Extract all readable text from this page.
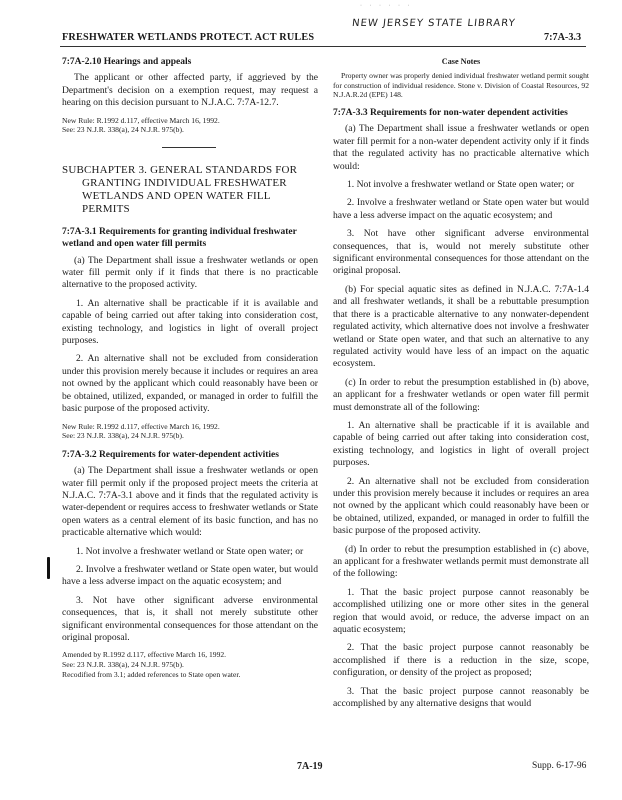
· · · · · ·
NEW JERSEY STATE LIBRARY
FRESHWATER WETLANDS PROTECT. ACT RULES	7:7A-3.3

7:7A-2.10 Hearings and appeals

The applicant or other affected party, if aggrieved by the Department's decision on a exemption request, may request a hearing on this decision pursuant to N.J.A.C. 7:7A-12.7.

New Rule: R.1992 d.117, effective March 16, 1992.

See: 23 N.J.R. 338(a), 24 N.J.R. 975(b).

SUBCHAPTER 3. GENERAL STANDARDS FOR GRANTING INDIVIDUAL FRESHWATER WETLANDS AND OPEN WATER FILL PERMITS

7:7A-3.1 Requirements for granting individual freshwater wetland and open water fill permits

(a) The Department shall issue a freshwater wetlands or open water fill permit only if it finds that there is no practicable alternative to the proposed activity.

1. An alternative shall be practicable if it is available and capable of being carried out after taking into consideration cost, existing technology, and logistics in light of overall project purposes.

2. An alternative shall not be excluded from consideration under this provision merely because it includes or requires an area not owned by the applicant which could reasonably have been or be obtained, utilized, expanded, or managed in order to fulfill the basic purpose of the proposed activity.

New Rule: R.1992 d.117, effective March 16, 1992.

See: 23 N.J.R. 338(a), 24 N.J.R. 975(b).

7:7A-3.2 Requirements for water-dependent activities

(a) The Department shall issue a freshwater wetlands or open water fill permit only if the proposed project meets the criteria at N.J.A.C. 7:7A-3.1 above and it finds that the regulated activity is water-dependent or requires access to freshwater wetlands or State open waters as a central element of its basic function, and has no practicable alternative which would:

1. Not involve a freshwater wetland or State open water; or

2. Involve a freshwater wetland or State open water, but would have a less adverse impact on the aquatic ecosystem; and

3. Not have other significant adverse environmental consequences, that is, it shall not merely substitute other significant environmental consequences for those attendant on the original proposal.

Amended by R.1992 d.117, effective March 16, 1992.

See: 23 N.J.R. 338(a), 24 N.J.R. 975(b).

Recodified from 3.1; added references to State open water.

Case Notes

Property owner was properly denied individual freshwater wetland permit sought for construction of individual residence. Stone v. Division of Coastal Resources, 92 N.J.A.R.2d (EPE) 148.

7:7A-3.3 Requirements for non-water dependent activities

(a) The Department shall issue a freshwater wetlands or open water fill permit for a non-water dependent activity only if it finds that the regulated activity has no practicable alternative which would:

1. Not involve a freshwater wetland or State open water; or

2. Involve a freshwater wetland or State open water but would have a less adverse impact on the aquatic ecosystem; and

3. Not have other significant adverse environmental consequences, that is, would not merely substitute other significant environmental consequences for those attendant on the original proposal.

(b) For special aquatic sites as defined in N.J.A.C. 7:7A-1.4 and all freshwater wetlands, it shall be a rebuttable presumption that there is a practicable alternative to any nonwater-dependent regulated activity, which alternative does not involve a freshwater wetland or State open water, and that such an alternative to any regulated activity would have less of an impact on the aquatic ecosystem.

(c) In order to rebut the presumption established in (b) above, an applicant for a freshwater wetlands or open water fill permit must demonstrate all of the following:

1. An alternative shall be practicable if it is available and capable of being carried out after taking into consideration cost, existing technology, and logistics in light of overall project purposes.

2. An alternative shall not be excluded from consideration under this provision merely because it includes or requires an area not owned by the applicant which could reasonably have been or be obtained, utilized, expanded, or managed in order to fulfill the basic purpose of the proposed activity.

(d) In order to rebut the presumption established in (c) above, an applicant for a freshwater wetlands permit must demonstrate all of the following:

1. That the basic project purpose cannot reasonably be accomplished utilizing one or more other sites in the general region that would avoid, or reduce, the adverse impact on an aquatic ecosystem;

2. That the basic project purpose cannot reasonably be accomplished if there is a reduction in the size, scope, configuration, or density of the project as proposed;

3. That the basic project purpose cannot reasonably be accomplished by any alternative designs that would

7A-19	Supp. 6-17-96
